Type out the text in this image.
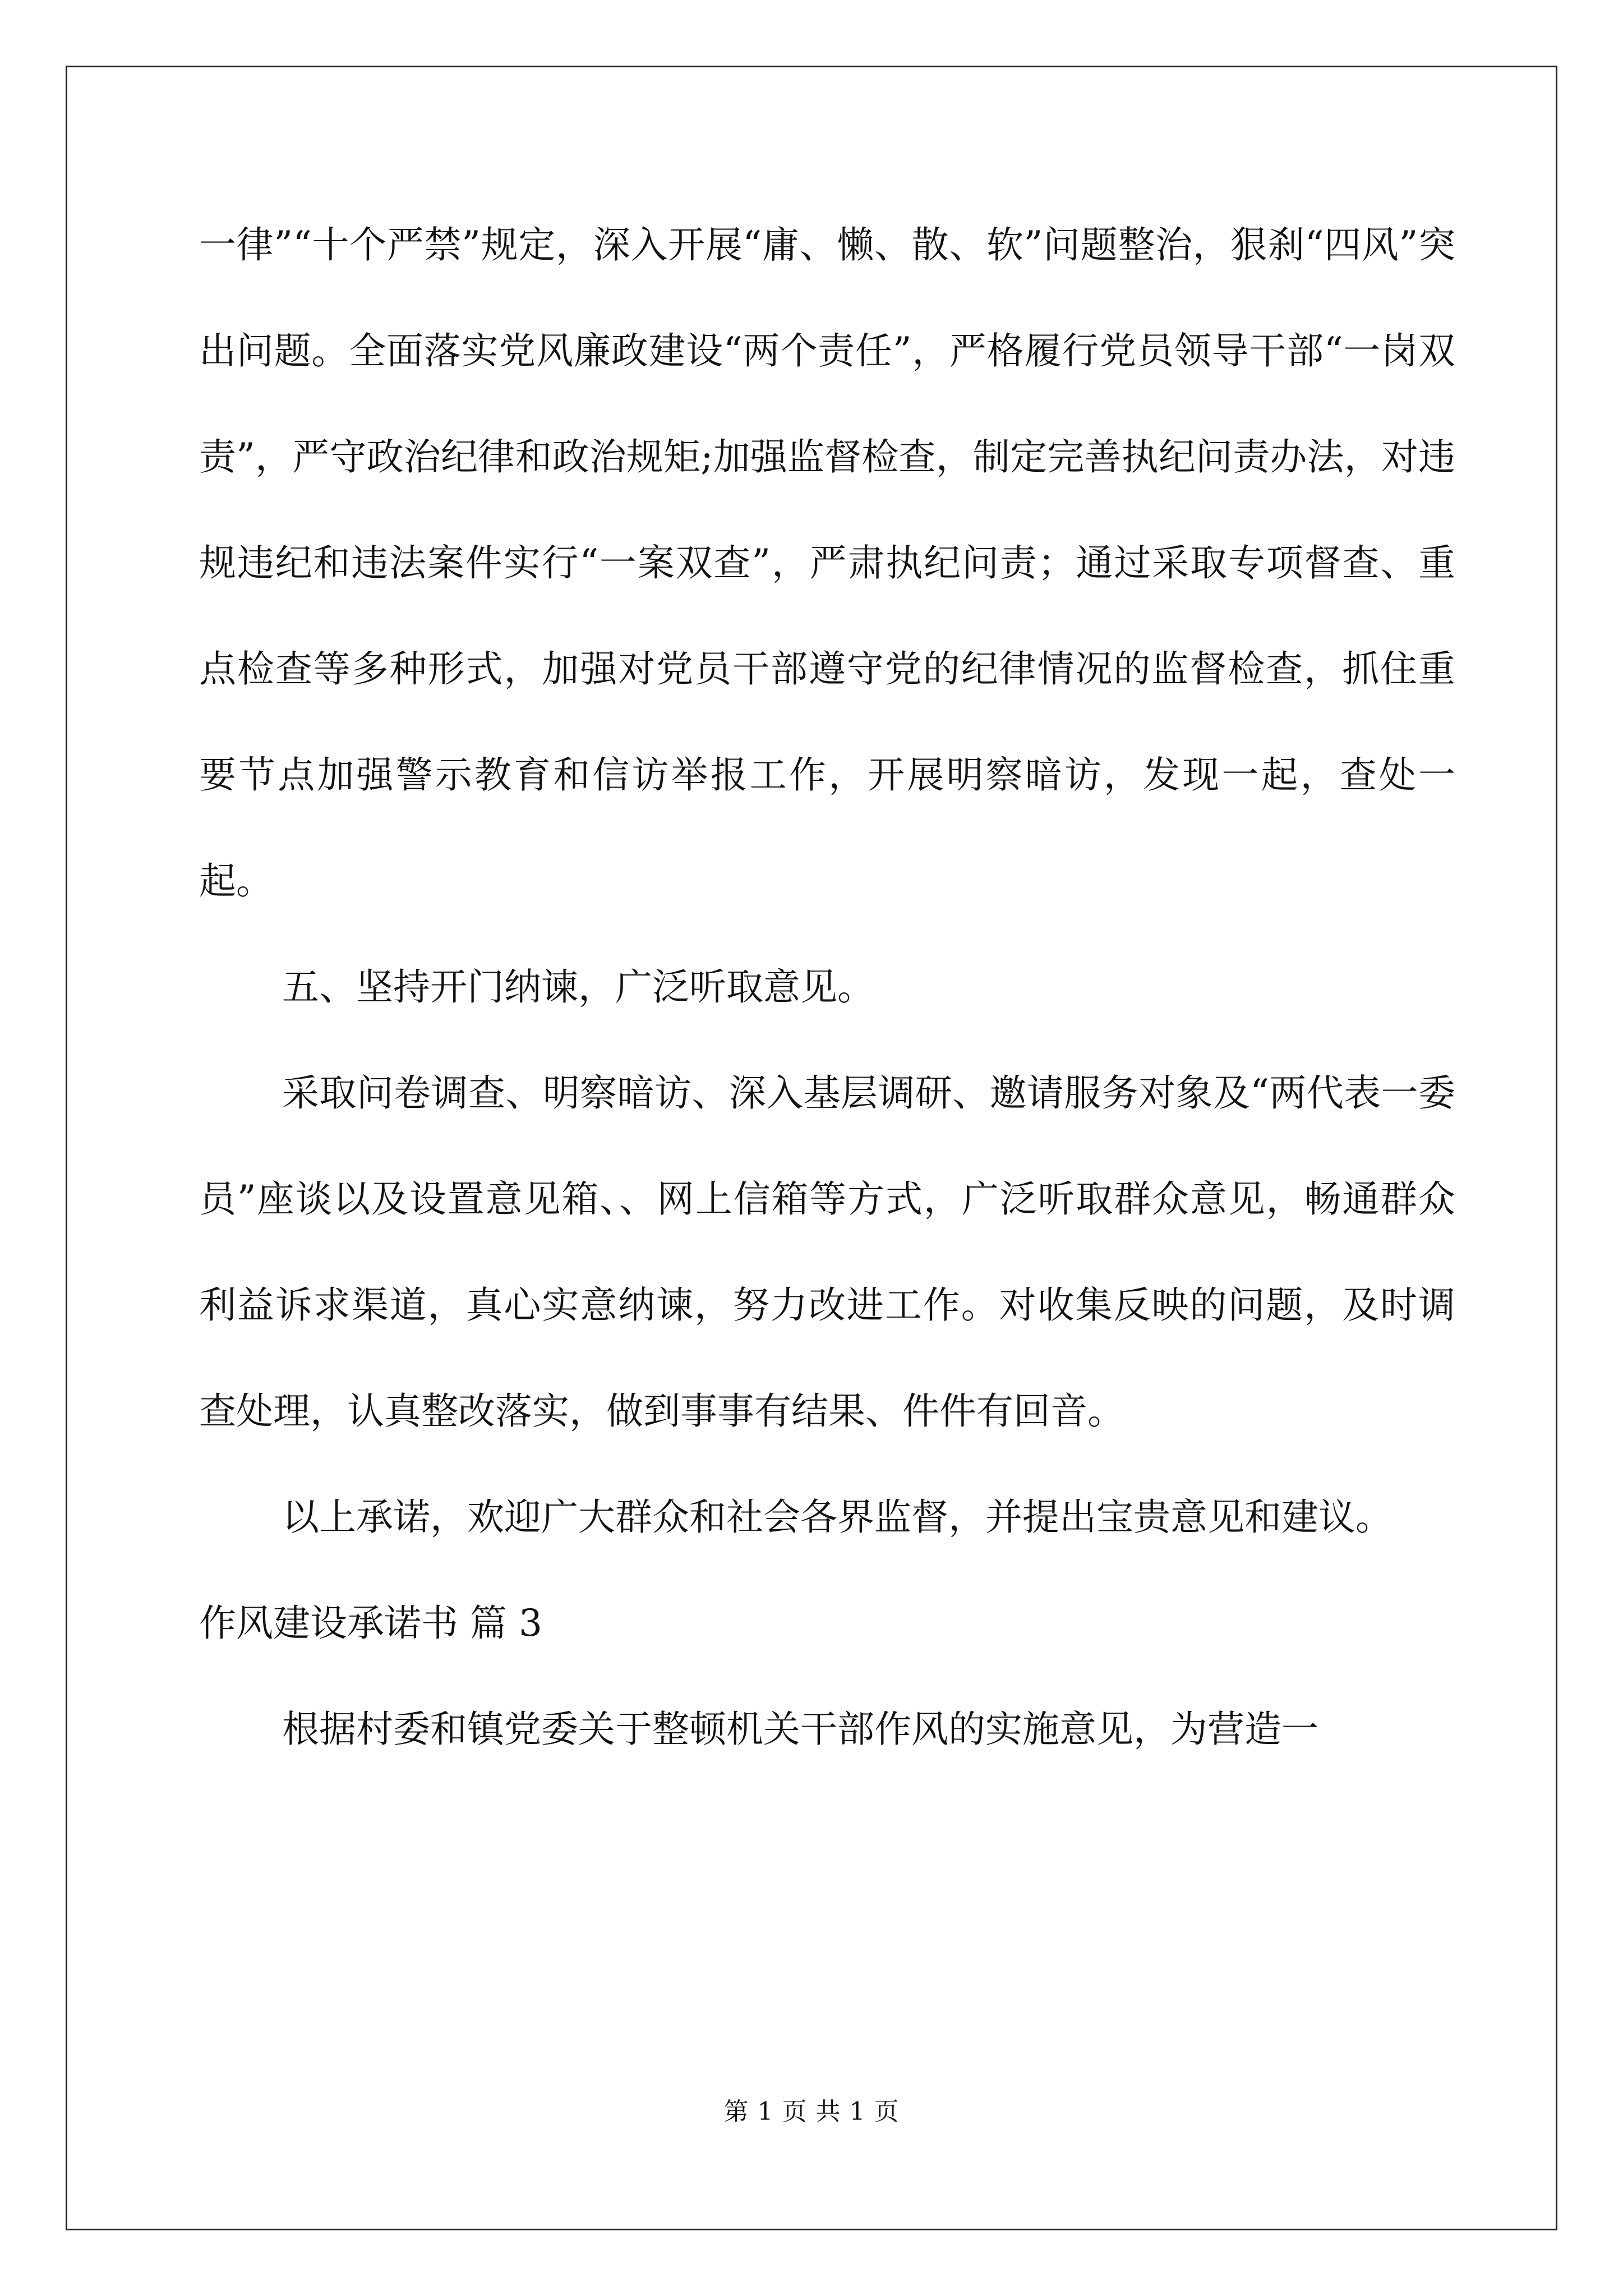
一律”“十个严禁”规定，深入开展“庸、懒、散、软”问题整治，狠刹“四风”突出问题。全面落实党风廉政建设“两个责任”，严格履行党员领导干部“一岗双责”，严守政治纪律和政治规矩;加强监督检查，制定完善执纪问责办法，对违规违纪和违法案件实行“一案双查”，严肃执纪问责；通过采取专项督查、重点检查等多种形式，加强对党员干部遵守党的纪律情况的监督检查，抓住重要节点加强警示教育和信访举报工作，开展明察暗访，发现一起，查处一起。

五、坚持开门纳谏，广泛听取意见。

采取问卷调查、明察暗访、深入基层调研、邀请服务对象及“两代表一委员”座谈以及设置意见箱、、网上信箱等方式，广泛听取群众意见，畅通群众利益诉求渠道，真心实意纳谏，努力改进工作。对收集反映的问题，及时调查处理，认真整改落实，做到事事有结果、件件有回音。

以上承诺，欢迎广大群众和社会各界监督，并提出宝贵意见和建议。

作风建设承诺书 篇 3

根据村委和镇党委关于整顿机关干部作风的实施意见，为营造一

第 1 页 共 1 页
